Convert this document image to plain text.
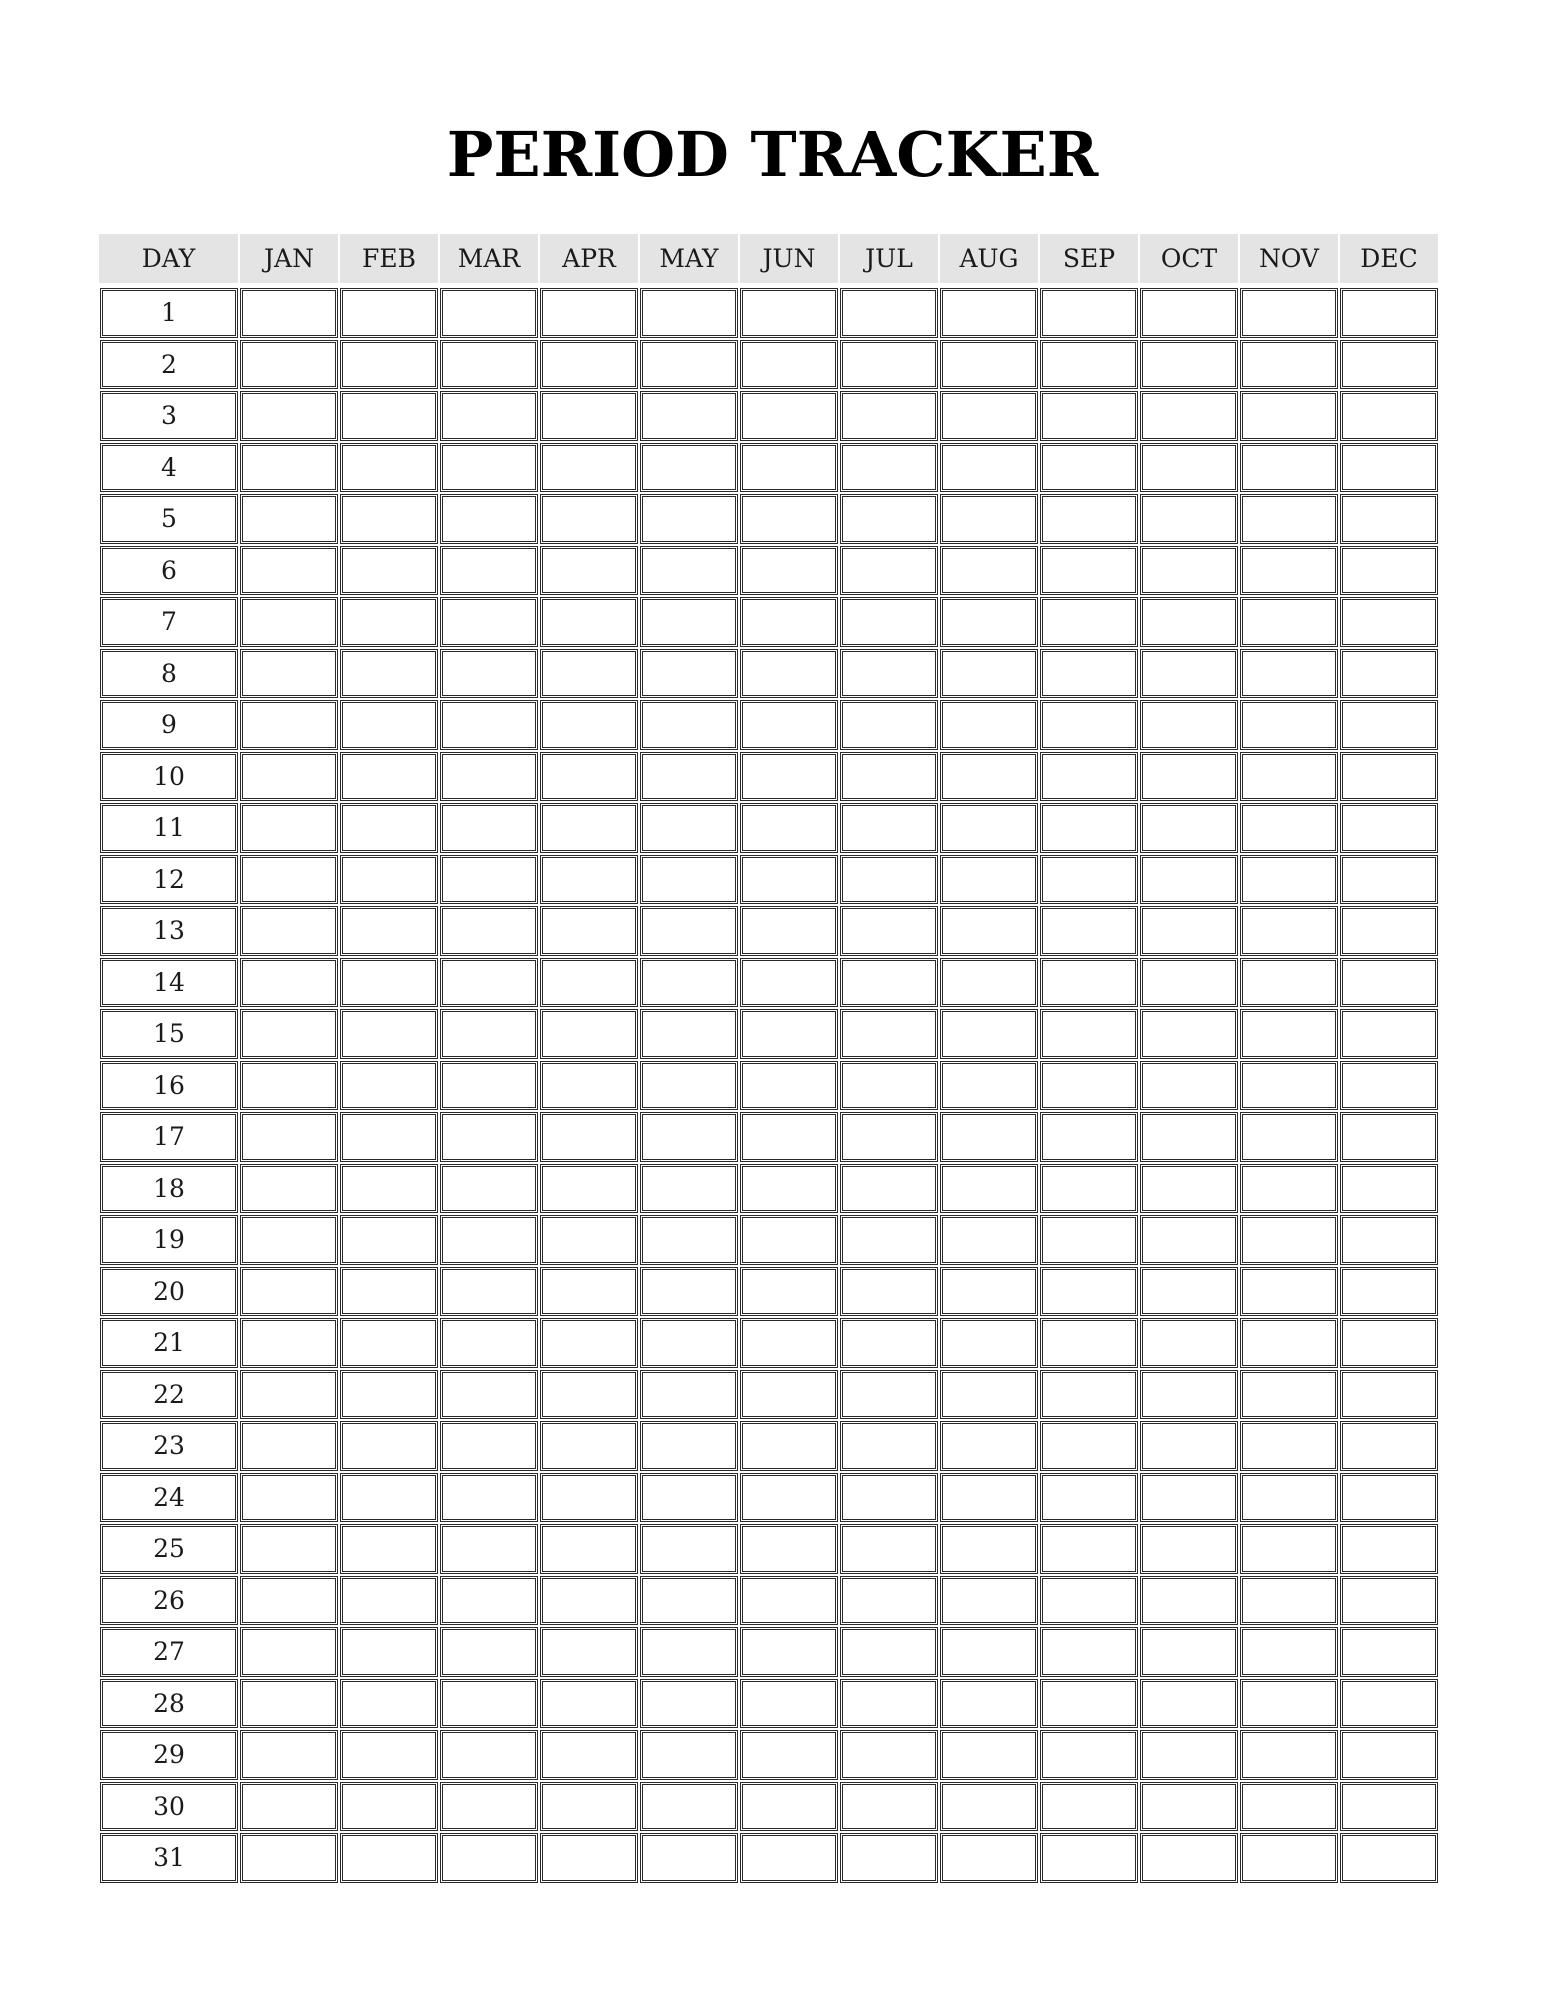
PERIOD TRACKER
DAY	JAN	FEB	MAR	APR	MAY	JUN	JUL	AUG	SEP	OCT	NOV	DEC
1
2
3
4
5
6
7
8
9
10
11
12
13
14
15
16
17
18
19
20
21
22
23
24
25
26
27
28
29
30
31
